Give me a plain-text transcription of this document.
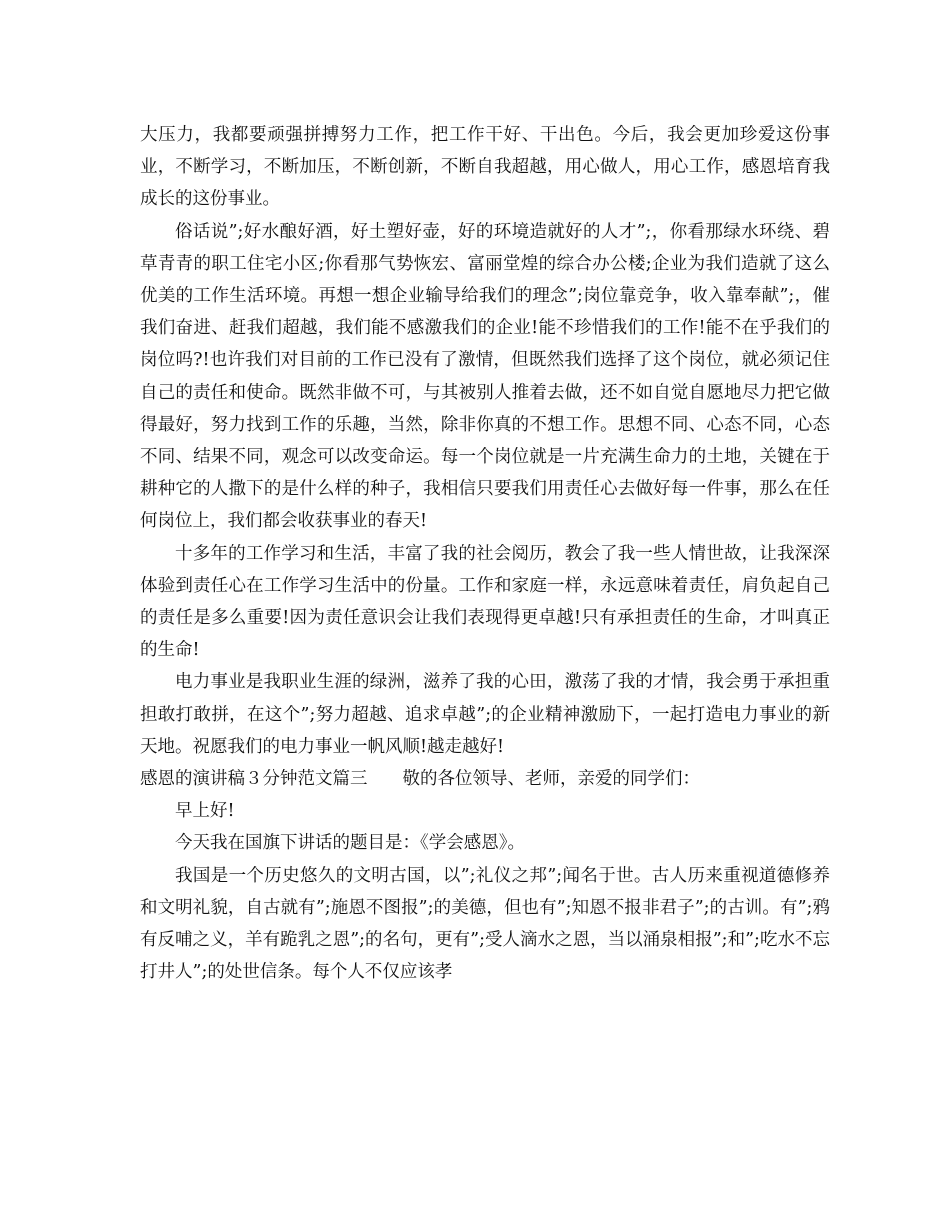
大压力，我都要顽强拼搏努力工作，把工作干好、干出色。今后，我会更加珍爱这份事业，不断学习，不断加压，不断创新，不断自我超越，用心做人，用心工作，感恩培育我成长的这份事业。

俗话说”;好水酿好酒，好土塑好壶，好的环境造就好的人才”;，你看那绿水环绕、碧草青青的职工住宅小区;你看那气势恢宏、富丽堂煌的综合办公楼;企业为我们造就了这么优美的工作生活环境。再想一想企业输导给我们的理念”;岗位靠竞争，收入靠奉献”;，催我们奋进、赶我们超越，我们能不感激我们的企业!能不珍惜我们的工作!能不在乎我们的岗位吗?!也许我们对目前的工作已没有了激情，但既然我们选择了这个岗位，就必须记住自己的责任和使命。既然非做不可，与其被别人推着去做，还不如自觉自愿地尽力把它做得最好，努力找到工作的乐趣，当然，除非你真的不想工作。思想不同、心态不同，心态不同、结果不同，观念可以改变命运。每一个岗位就是一片充满生命力的土地，关键在于耕种它的人撒下的是什么样的种子，我相信只要我们用责任心去做好每一件事，那么在任何岗位上，我们都会收获事业的春天!

十多年的工作学习和生活，丰富了我的社会阅历，教会了我一些人情世故，让我深深体验到责任心在工作学习生活中的份量。工作和家庭一样，永远意味着责任，肩负起自己的责任是多么重要!因为责任意识会让我们表现得更卓越!只有承担责任的生命，才叫真正的生命!

电力事业是我职业生涯的绿洲，滋养了我的心田，激荡了我的才情，我会勇于承担重担敢打敢拼，在这个”;努力超越、追求卓越”;的企业精神激励下，一起打造电力事业的新天地。祝愿我们的电力事业一帆风顺!越走越好!

感恩的演讲稿３分钟范文篇三　　敬的各位领导、老师，亲爱的同学们：

早上好!

今天我在国旗下讲话的题目是：《学会感恩》。

我国是一个历史悠久的文明古国，以”;礼仪之邦”;闻名于世。古人历来重视道德修养和文明礼貌，自古就有”;施恩不图报”;的美德，但也有”;知恩不报非君子”;的古训。有”;鸦有反哺之义，羊有跪乳之恩”;的名句，更有”;受人滴水之恩，当以涌泉相报”;和”;吃水不忘打井人”;的处世信条。每个人不仅应该孝
